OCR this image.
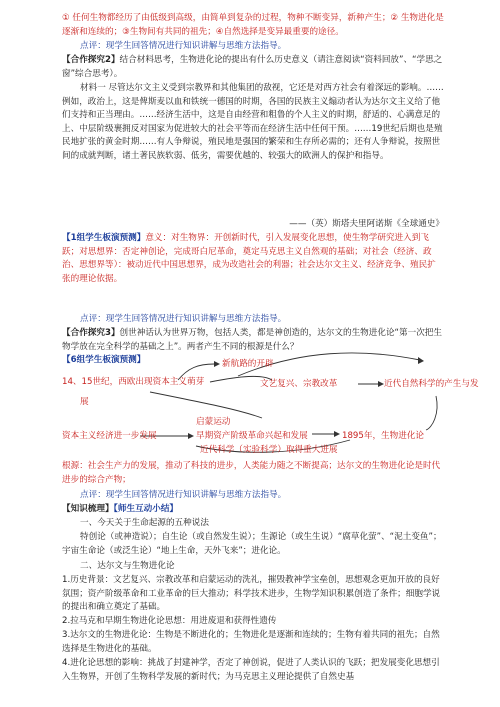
① 任何生物都经历了由低级到高级，由简单到复杂的过程，物种不断变异，新种产生；② 生物进化是逐渐和连续的；③生物间有共同的祖先；④自然选择是变异最重要的途径。
点评：现学生回答情况进行知识讲解与思维方法指导。
【合作探究2】结合材料思考，生物进化论的提出有什么历史意义（请注意阅读“资料回放”、“学思之窗”综合思考）。
材料一 尽管达尔文主义受到宗教界和其他集团的敌视，它还是对西方社会有着深远的影响。……例如，政治上，这是俾斯麦以血和铁统一德国的时期，各国的民族主义煽动者认为达尔文主义给了他们支持和正当理由。……经济生活中，这是自由经营和粗鲁的个人主义的时期，舒适的、心满意足的上、中层阶级裹拥反对国家为促进较大的社会平等而在经济生活中任何干预。……19世纪后期也是殖民地扩张的黄金时期……有人争辩说，殖民地是强国的繁荣和生存所必需的；还有人争辩说，按照世间的成就判断，诸土著民族软弱、低劣，需要优越的、较强大的欧洲人的保护和指导。
——（英）斯塔夫里阿诺斯《全球通史》
【1组学生板演预测】意义：对生物界：开创新时代，引入发展变化思想，使生物学研究进入到飞跃；对思想界：否定神创论，完成哥白尼革命，奠定马克思主义自然观的基础；对社会（经济、政治、思想界等）：被动近代中国思想界，成为改造社会的利器；社会达尔文主义、经济竞争、殖民扩张的理论依据。
点评：现学生回答情况进行知识讲解与思维方法指导。
【合作探究3】创世神话认为世界万物，包括人类，都是神创造的，达尔文的生物进化论“第一次把生物学放在完全科学的基础之上”。两者产生不同的根源是什么？
【6组学生板演预测】	新航路的开辟
14、15世纪，西欧出现资本主义萌芽	文艺复兴、宗教改革	近代自然科学的产生与发
展
启蒙运动
资本主义经济进一步发展	早期资产阶级革命兴起和发展	1895年，生物进化论
近代科学（实验科学）取得重大进展
根源：社会生产力的发展，推动了科技的进步，人类能力随之不断提高；达尔文的生物进化论是时代进步的综合产物；
点评：现学生回答情况进行知识讲解与思维方法指导。
【知识梳理】【师生互动小结】
一、今天关于生命起源的五种说法
特创论（或神造说）；自生论（或自然发生说）；生源论（或生生说）“腐草化萤”、“泥土变鱼”；宇宙生命论（或泛生论）“地上生命，天外飞来”；进化论。
二、达尔文与生物进化论
1.历史背景：文艺复兴、宗教改革和启蒙运动的洗礼，摧毁教神学宝垒创，思想观念更加开放的良好氛围；资产阶级革命和工业革命的巨大推动；科学技术进步，生物学知识积累创造了条件；细胞学说的提出和确立奠定了基础。
2.拉马克和早期生物进化论思想：用进废退和获得性遗传
3.达尔文的生物进化论：生物是不断进化的；生物进化是逐渐和连续的；生物有着共同的祖先；自然选择是生物进化的基础。
4.进化论思想的影响：挑战了封建神学，否定了神创说，促进了人类认识的飞跃；把发展变化思想引入生物界，开创了生物科学发展的新时代；为马克思主义理论提供了自然史基
